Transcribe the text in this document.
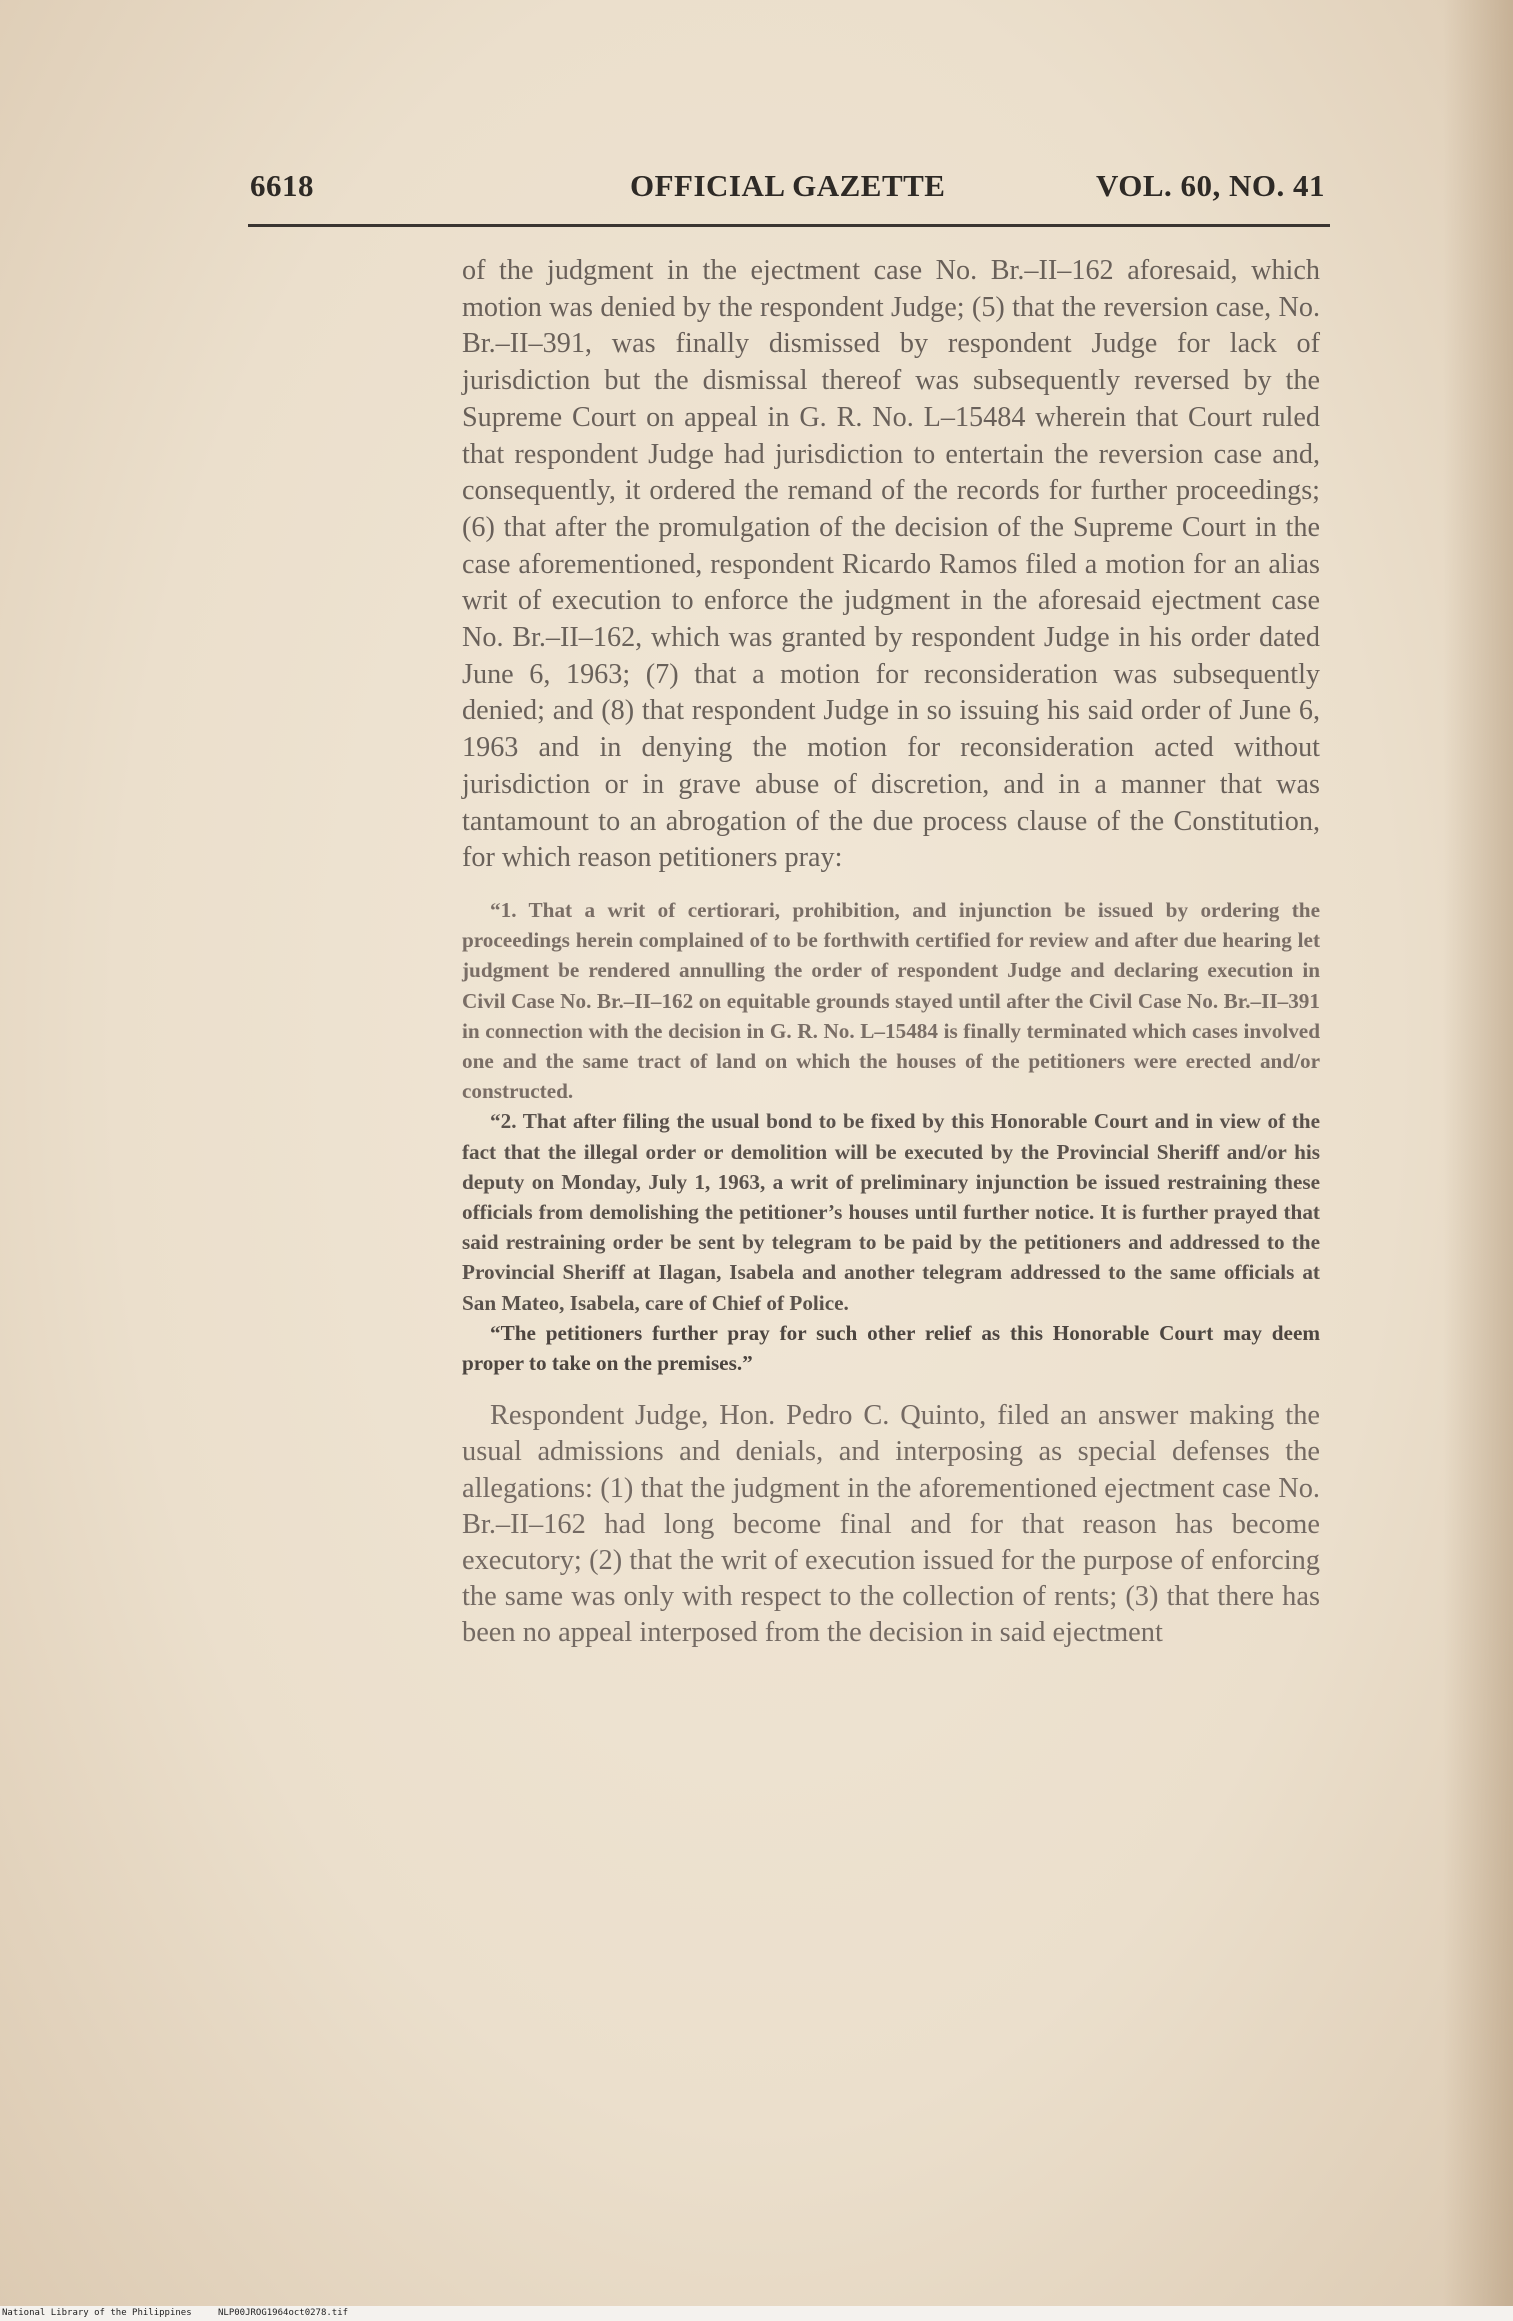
6618	OFFICIAL GAZETTE	VOL. 60, NO. 41

of the judgment in the ejectment case No. Br.–II–162 aforesaid, which motion was denied by the respondent Judge; (5) that the reversion case, No. Br.–II–391, was finally dismissed by respondent Judge for lack of jurisdiction but the dismissal thereof was subsequently reversed by the Supreme Court on appeal in G. R. No. L–15484 wherein that Court ruled that respondent Judge had jurisdiction to entertain the reversion case and, consequently, it ordered the remand of the records for further proceedings; (6) that after the promulgation of the decision of the Supreme Court in the case aforementioned, respondent Ricardo Ramos filed a motion for an alias writ of execution to enforce the judgment in the aforesaid ejectment case No. Br.–II–162, which was granted by respondent Judge in his order dated June 6, 1963; (7) that a motion for reconsideration was subsequently denied; and (8) that respondent Judge in so issuing his said order of June 6, 1963 and in denying the motion for reconsideration acted without jurisdiction or in grave abuse of discretion, and in a manner that was tantamount to an abrogation of the due process clause of the Constitution, for which reason petitioners pray:

“1. That a writ of certiorari, prohibition, and injunction be issued by ordering the proceedings herein complained of to be forthwith certified for review and after due hearing let judgment be rendered annulling the order of respondent Judge and declaring execution in Civil Case No. Br.–II–162 on equitable grounds stayed until after the Civil Case No. Br.–II–391 in connection with the decision in G. R. No. L–15484 is finally terminated which cases involved one and the same tract of land on which the houses of the petitioners were erected and/or constructed.

“2. That after filing the usual bond to be fixed by this Honorable Court and in view of the fact that the illegal order or demolition will be executed by the Provincial Sheriff and/or his deputy on Monday, July 1, 1963, a writ of preliminary injunction be issued restraining these officials from demolishing the petitioner’s houses until further notice. It is further prayed that said restraining order be sent by telegram to be paid by the petitioners and addressed to the Provincial Sheriff at Ilagan, Isabela and another telegram addressed to the same officials at San Mateo, Isabela, care of Chief of Police.

“The petitioners further pray for such other relief as this Honorable Court may deem proper to take on the premises.”

Respondent Judge, Hon. Pedro C. Quinto, filed an answer making the usual admissions and denials, and interposing as special defenses the allegations: (1) that the judgment in the aforementioned ejectment case No. Br.–II–162 had long become final and for that reason has become executory; (2) that the writ of execution issued for the purpose of enforcing the same was only with respect to the collection of rents; (3) that there has been no appeal interposed from the decision in said ejectment

National Library of the Philippines	NLP00JROG1964oct0278.tif
